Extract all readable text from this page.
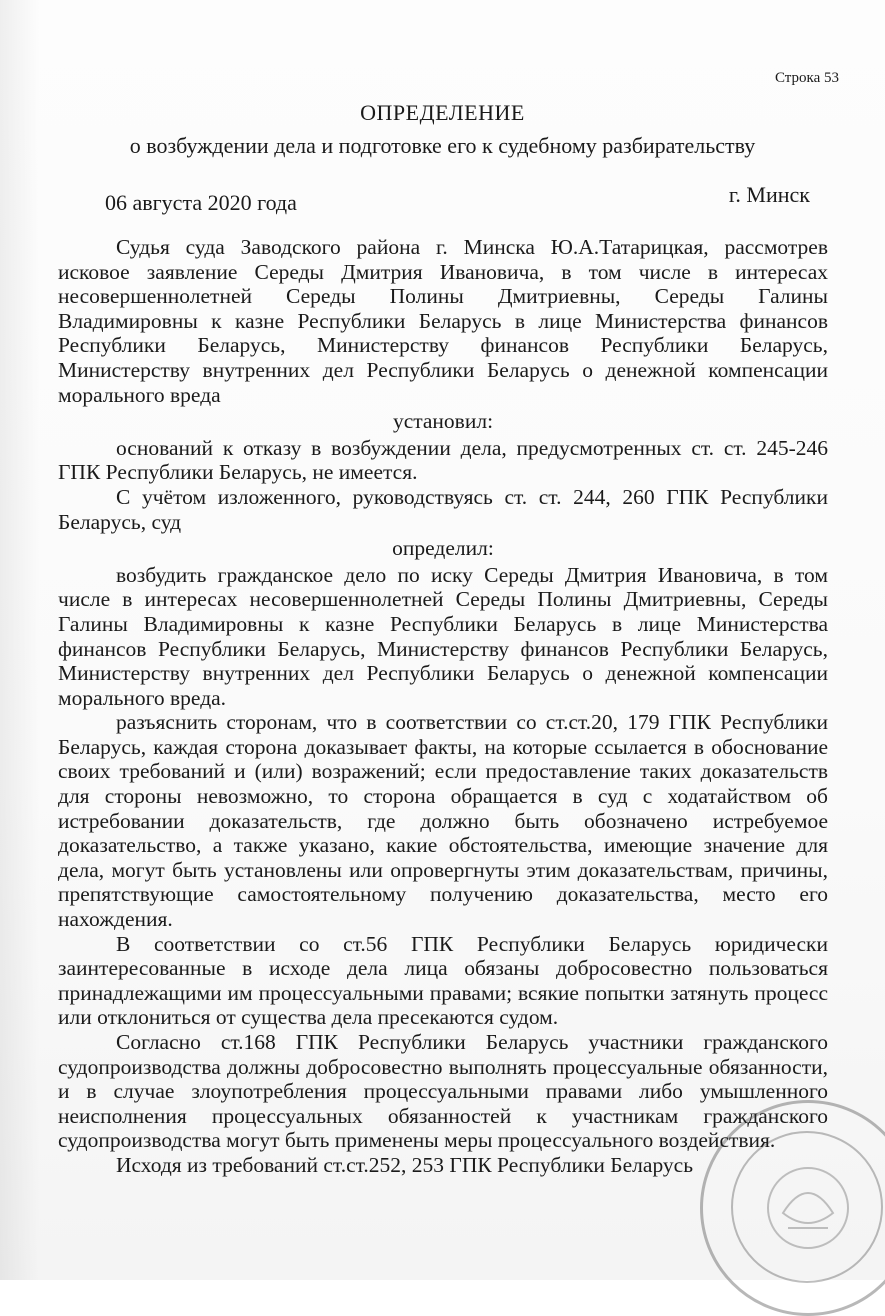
Строка 53
ОПРЕДЕЛЕНИЕ
о возбуждении дела и подготовке его к судебному разбирательству
06 августа 2020 года	г. Минск

Судья суда Заводского района г. Минска Ю.А.Татарицкая, рассмотрев исковое заявление Середы Дмитрия Ивановича, в том числе в интересах несовершеннолетней Середы Полины Дмитриевны, Середы Галины Владимировны к казне Республики Беларусь в лице Министерства финансов Республики Беларусь, Министерству финансов Республики Беларусь, Министерству внутренних дел Республики Беларусь о денежной компенсации морального вреда

установил:

оснований к отказу в возбуждении дела, предусмотренных ст. ст. 245-246 ГПК Республики Беларусь, не имеется.

С учётом изложенного, руководствуясь ст. ст. 244, 260 ГПК Республики Беларусь, суд

определил:

возбудить гражданское дело по иску Середы Дмитрия Ивановича, в том числе в интересах несовершеннолетней Середы Полины Дмитриевны, Середы Галины Владимировны к казне Республики Беларусь в лице Министерства финансов Республики Беларусь, Министерству финансов Республики Беларусь, Министерству внутренних дел Республики Беларусь о денежной компенсации морального вреда.

разъяснить сторонам, что в соответствии со ст.ст.20, 179 ГПК Республики Беларусь, каждая сторона доказывает факты, на которые ссылается в обоснование своих требований и (или) возражений; если предоставление таких доказательств для стороны невозможно, то сторона обращается в суд с ходатайством об истребовании доказательств, где должно быть обозначено истребуемое доказательство, а также указано, какие обстоятельства, имеющие значение для дела, могут быть установлены или опровергнуты этим доказательствам, причины, препятствующие самостоятельному получению доказательства, место его нахождения.

В соответствии со ст.56 ГПК Республики Беларусь юридически заинтересованные в исходе дела лица обязаны добросовестно пользоваться принадлежащими им процессуальными правами; всякие попытки затянуть процесс или отклониться от существа дела пресекаются судом.

Согласно ст.168 ГПК Республики Беларусь участники гражданского судопроизводства должны добросовестно выполнять процессуальные обязанности, и в случае злоупотребления процессуальными правами либо умышленного неисполнения процессуальных обязанностей к участникам гражданского судопроизводства могут быть применены меры процессуального воздействия.

Исходя из требований ст.ст.252, 253 ГПК Республики Беларусь
